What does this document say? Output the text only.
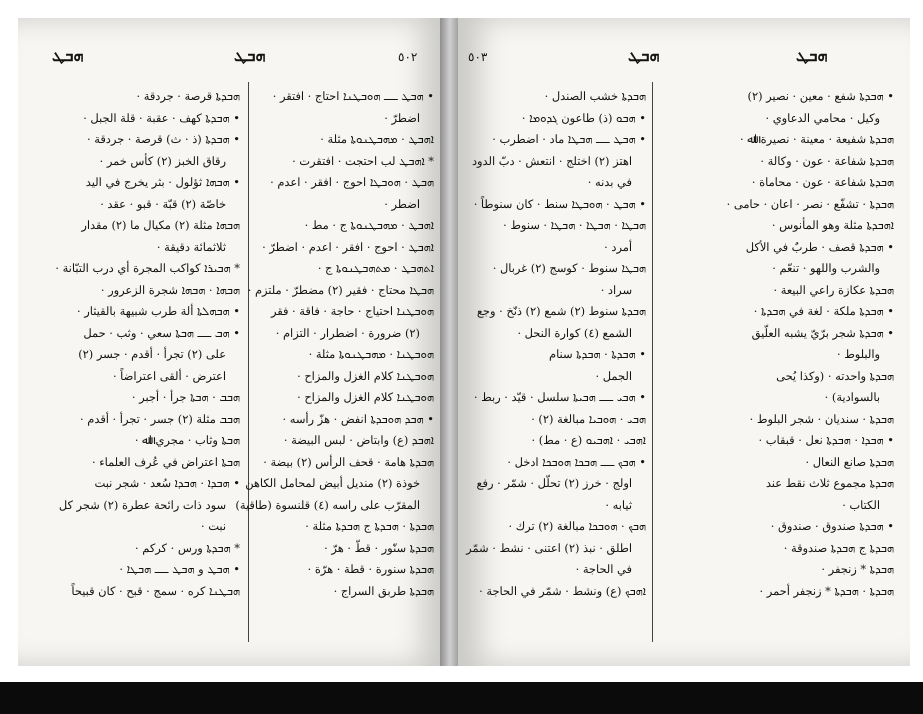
ܗܒܛ	ܗܒܛ	٥٠٢
ܗܒܕܬܐ قرصة · جردقة ·
• ܗܒܕܬܐ كهف · عقبة · قلة الجبل ·
• ܗܒܕܬܐ (ذ · ث) قرصة · جردقة ·
رقاق الخبز (٢) كأس خمر ·
• ܗܒܗܐ ثؤلول · بثر يخرج في اليد
خاصّة (٢) قبّة · قبو · عقد ·
ܗܒܗܐ مثلة (٢) مكيال ما (٢) مقدار
ثلاثمائة دقيقة ·
* ܗܒܝܪܐ كواكب المجرة أي درب التبّانة ·
ܗܒܗܐ · ܗܒܗܐ شجرة الزعرور ·
• ܗܒܗܠܬܐ ألة طرب شبيهة بالقيثار ·
• ܗܒ ـــ ܗܒܬܐ سعي · وثب · حمل
على (٢) تجرأ · أقدم · جسر (٢)
اعترض · ألقى اعتراضاً ·
ܗܒܒ · ܗܒܬܐ جرأ · أجبر ·
ܗܒܒ مثلة (٢) جسر · تجرأ · أقدم ·
ܗܒܬܐ وثاب · مجري اﷲ ·
ܗܒܬܐ اعتراض في عُرف العلماء ·
• ܗܒܕܐ · ܗܒܕܐ سُعد · شجر نبت
سود ذات رائحة عطرة (٢) شجر كل
نبت ·
* ܗܒܕܬܐ ورس · كركم ·
• ܗܒܛ و ܗܒܛ ـــ ܗܒܛܐ ·
ܗܒܛܢܐ كره · سمج · قبح · كان قبيحاً
• ܗܒܛ ـــ ܗܘܒܛܢܐ احتاج · افتقر ·
اضطرّ ·
ܐܗܒܛ · ܡܗܒܛܢܘܬܐ مثلة ·
* ܐܗܒܛ لب احتجت · افتقرت ·
ܗܒܛ · ܗܘܒܛܐ احوج · افقر · اعدم ·
اضطر ·
ܐܗܒܛ · ܡܗܒܛܢܘܬܐ ج · مط ·
ܐܗܒܛ · احوج · افقر · اعدم · اضطرّ ·
ܐܬܗܒܛ · ܡܬܗܒܛܢܘܬܐ ج ·
ܗܒܛܐ محتاج · فقير (٢) مضطرّ · ملتزم ·
ܗܘܒܛܢܐ احتياج · حاجة · فاقة · فقر
(٢) ضرورة · اضطرار · التزام ·
ܗܘܒܛܢܐ · ܡܗܒܛܢܘܬܐ مثلة ·
ܗܘܒܛܢܐ كلام الغزل والمزاح ·
ܗܘܒܛܢܐ كلام الغزل والمزاح ·
• ܗܒܕ ܗܘܒܕܬܐ انفض · هزّ رأسه ·
ܐܗܒܕ (ع) وابتاض · لبس البيضة ·
ܗܒܕܬܐ هامة · قحف الرأس (٢) بيضة ·
خوذة (٢) منديل أبيض لمحامل الكاهن
المقرّب على راسه (٤) قلنسوة (طاقية)
ܗܒܕܬܐ · ܗܒܕܬܐ ج ܗܒܕܬܐ مثلة ·
ܗܒܕܬܐ سنّور · قطّ · هرّ ·
ܗܒܕܬܐ سنورة · قطة · هرّة ·
ܗܒܕܬܐ طربق السراج ·
٥٠٣	ܗܒܛ	ܗܒܛ
ܗܒܕܬܐ خشب الصندل ·
• ܗܒܘ (ذ) طاعون ܓܕܘܡܐ ·
• ܗܒܛ ـــ ܗܒܛܐ ماد · اضطرب ·
اهتز (٢) اختلج · انتعش · دبّ الدود
في بدنه ·
• ܗܒܛ · ܗܘܒܛܐ سنط · كان سنوطاً ·
ܗܒܛܐ · ܗܒܛܐ · ܗܒܛܐ · سنوط ·
أمرد ·
ܗܒܛܐ سنوط · كوسج (٢) غربال ·
سراد ·
ܗܒܕܬܐ سنوط (٢) شمع (٢) ذنّخ · وجع
الشمع (٤) كوارة النحل ·
• ܗܒܕܬܐ · ܗܒܕܬܐ سنام
الجمل ·
• ܗܒܝ ـــ ܗܒܝܬܐ سلسل · قيّد · ربط ·
ܗܒܝ · ܗܘܒܝܐ مبالغة (٢) ·
ܐܗܒܝ · ܐܗܒܝܘ (ع · مط) ·
• ܗܒܟ ـــ ܗܒܟܐ ܗܘܒܟܐ ادخل ·
اولج · خرز (٢) تحلّل · شمّر · رفع
ثيابه ·
ܗܒܟ · ܗܘܒܟܐ مبالغة (٢) ترك ·
اطلق · نبذ (٢) اعتنى · نشط · شمّر
في الحاجة ·
ܐܗܒܟ (ع) ونشط · شمّر في الحاجة ·
• ܗܒܕܬܐ شفع · معين · نصير (٢)
وكيل · محامي الدعاوي ·
ܗܒܕܬܐ شفيعة · معينة · نصيرة اﷲ ·
ܗܒܕܬܐ شفاعة · عون · وكالة ·
ܗܒܕܬܐ شفاعة · عون · محاماة ·
ܗܒܕܬܐ · تشفّع · نصر · اعان · حامى ·
ܐܗܒܕܬܐ مثلة وهو المأنوس ·
• ܗܒܕܬܐ قصف · طربٌ في الأكل
والشرب واللهو · تنعّم ·
ܗܒܕܬܐ عكازة راعي البيعة ·
• ܗܒܕܬܐ ملكة · لغة في ܗܒܕܬܐ ·
• ܗܒܕܬܐ شجر برّيّ يشبه العلّيق
والبلوط ·
ܗܒܕܬܐ واحدته · (وكذا يُحى
بالسوادية) ·
ܗܒܕܬܐ · سنديان · شجر البلوط ·
• ܗܒܕܐ · ܗܒܕܬܐ نعل · قبقاب ·
ܗܒܕܬܐ صانع النعال ·
ܗܒܕܬܐ مجموع ثلاث نقط عند
الكتاب ·
• ܗܒܕܬܐ صندوق · صندوق ·
ܗܒܕܬܐ ج ܗܒܕܬܐ صندوقة ·
ܗܒܕܬܐ * زنجفر ·
ܗܒܕܬܐ · ܗܒܕܬܐ * زنجفر أحمر ·
